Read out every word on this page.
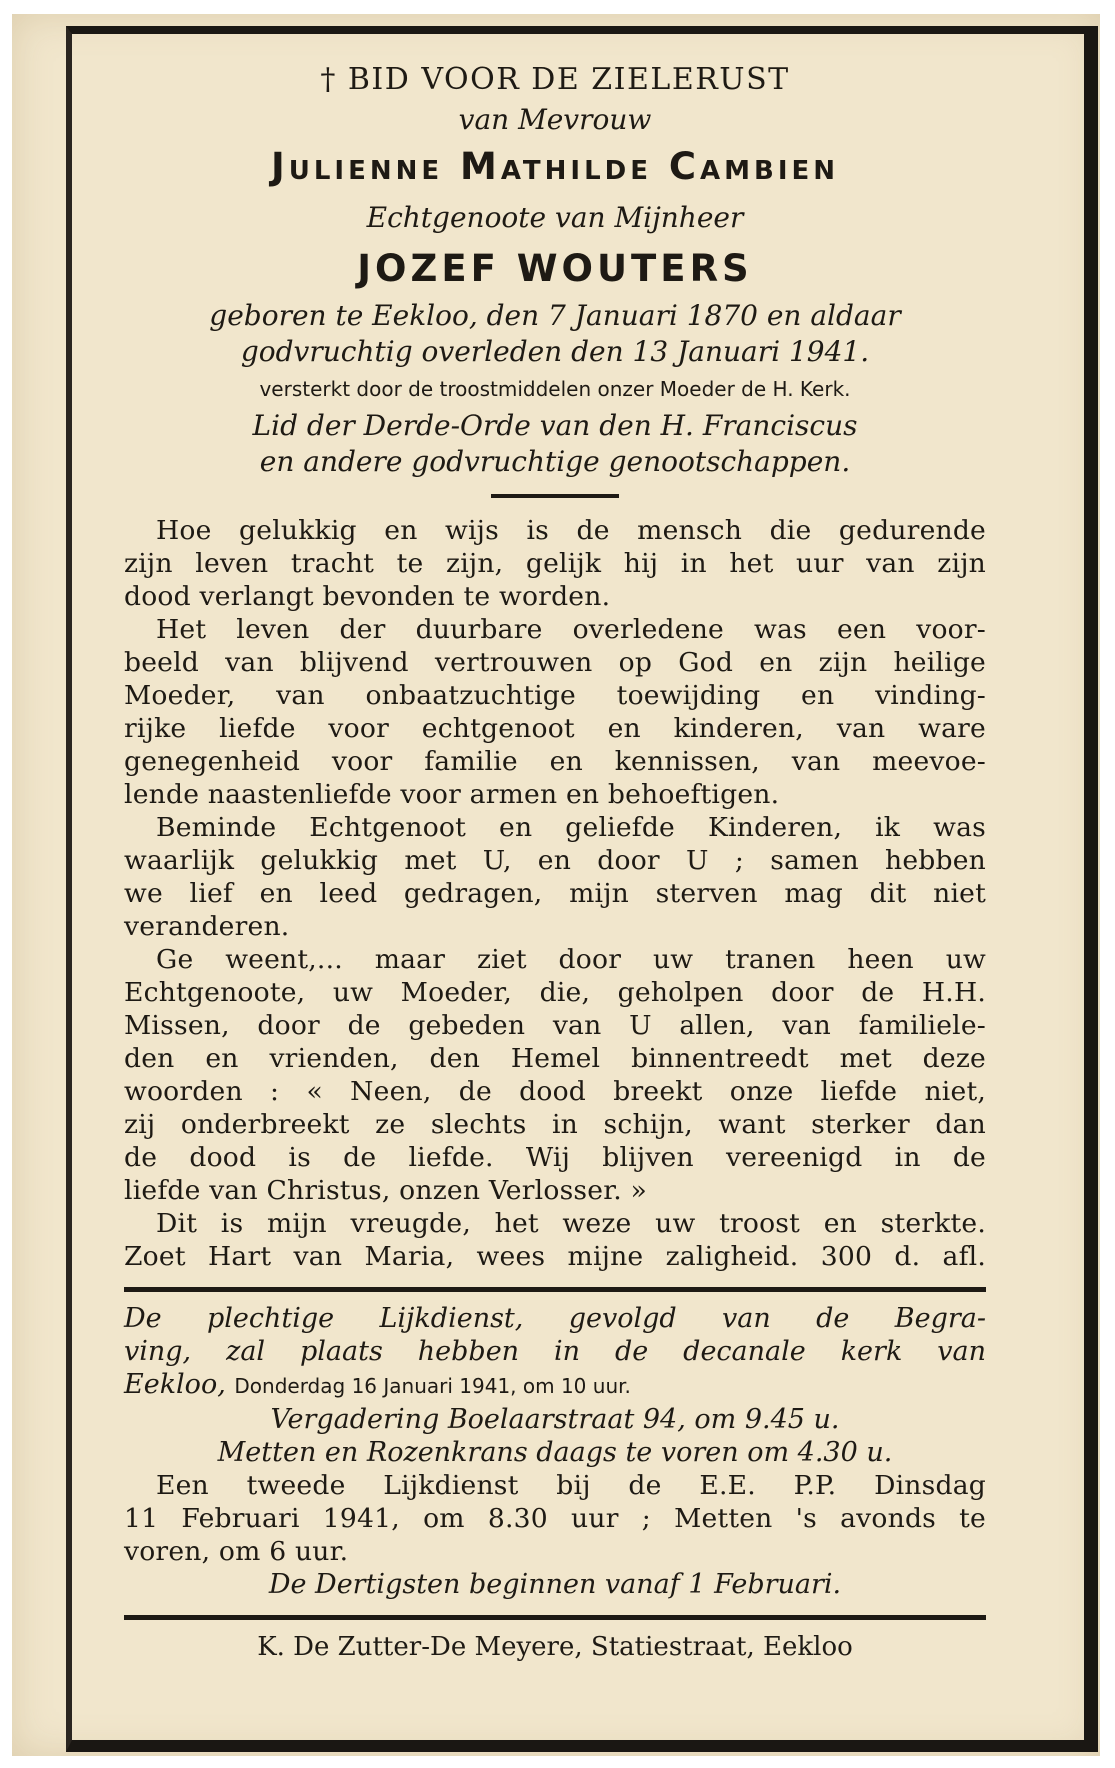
† BID VOOR DE ZIELERUST

van Mevrouw

Julienne Mathilde Cambien

Echtgenoote van Mijnheer

JOZEF WOUTERS

geboren te Eekloo, den 7 Januari 1870 en aldaar

godvruchtig overleden den 13 Januari 1941.

versterkt door de troostmiddelen onzer Moeder de H. Kerk.

Lid der Derde-Orde van den H. Franciscus

en andere godvruchtige genootschappen.

Hoe gelukkig en wijs is de mensch die gedurende

zijn leven tracht te zijn, gelijk hij in het uur van zijn

dood verlangt bevonden te worden.

Het leven der duurbare overledene was een voor-

beeld van blijvend vertrouwen op God en zijn heilige

Moeder, van onbaatzuchtige toewijding en vinding-

rijke liefde voor echtgenoot en kinderen, van ware

genegenheid voor familie en kennissen, van meevoe-

lende naastenliefde voor armen en behoeftigen.

Beminde Echtgenoot en geliefde Kinderen, ik was

waarlijk gelukkig met U, en door U ; samen hebben

we lief en leed gedragen, mijn sterven mag dit niet

veranderen.

Ge weent,... maar ziet door uw tranen heen uw

Echtgenoote, uw Moeder, die, geholpen door de H.H.

Missen, door de gebeden van U allen, van familiele-

den en vrienden, den Hemel binnentreedt met deze

woorden : « Neen, de dood breekt onze liefde niet,

zij onderbreekt ze slechts in schijn, want sterker dan

de dood is de liefde. Wij blijven vereenigd in de

liefde van Christus, onzen Verlosser. »

Dit is mijn vreugde, het weze uw troost en sterkte.

Zoet Hart van Maria, wees mijne zaligheid. 300 d. afl.

De plechtige Lijkdienst, gevolgd van de Begra-

ving, zal plaats hebben in de decanale kerk van

Eekloo, Donderdag 16 Januari 1941, om 10 uur.

Vergadering Boelaarstraat 94, om 9.45 u.

Metten en Rozenkrans daags te voren om 4.30 u.

Een tweede Lijkdienst bij de E.E. P.P. Dinsdag

11 Februari 1941, om 8.30 uur ; Metten 's avonds te

voren, om 6 uur.

De Dertigsten beginnen vanaf 1 Februari.

K. De Zutter-De Meyere, Statiestraat, Eekloo
